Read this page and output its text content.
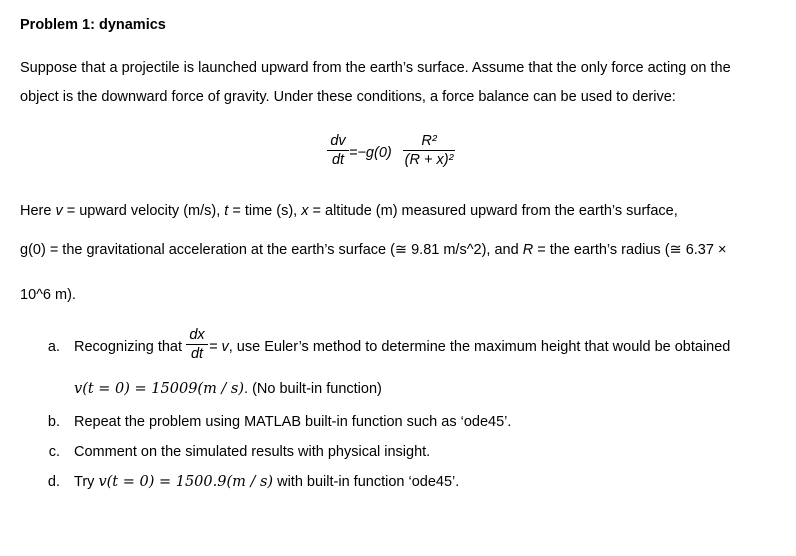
Problem 1: dynamics
Suppose that a projectile is launched upward from the earth’s surface. Assume that the only force acting on the
object is the downward force of gravity. Under these conditions, a force balance can be used to derive:
dv
dt =−g(0)
R²
(R + x)²
Here v = upward velocity (m/s), t = time (s), x = altitude (m) measured upward from the earth’s surface,
g(0) = the gravitational acceleration at the earth’s surface (≅ 9.81 m/s^2), and R = the earth’s radius (≅ 6.37 ×
10^6 m).
a. Recognizing that
dx
dt = v, use Euler’s method to determine the maximum height that would be obtained
v(t = 0) = 15009(m / s). (No built-in function)
b. Repeat the problem using MATLAB built-in function such as ‘ode45’.
c. Comment on the simulated results with physical insight.
d. Try v(t = 0) = 1500.9(m / s) with built-in function ‘ode45’.
